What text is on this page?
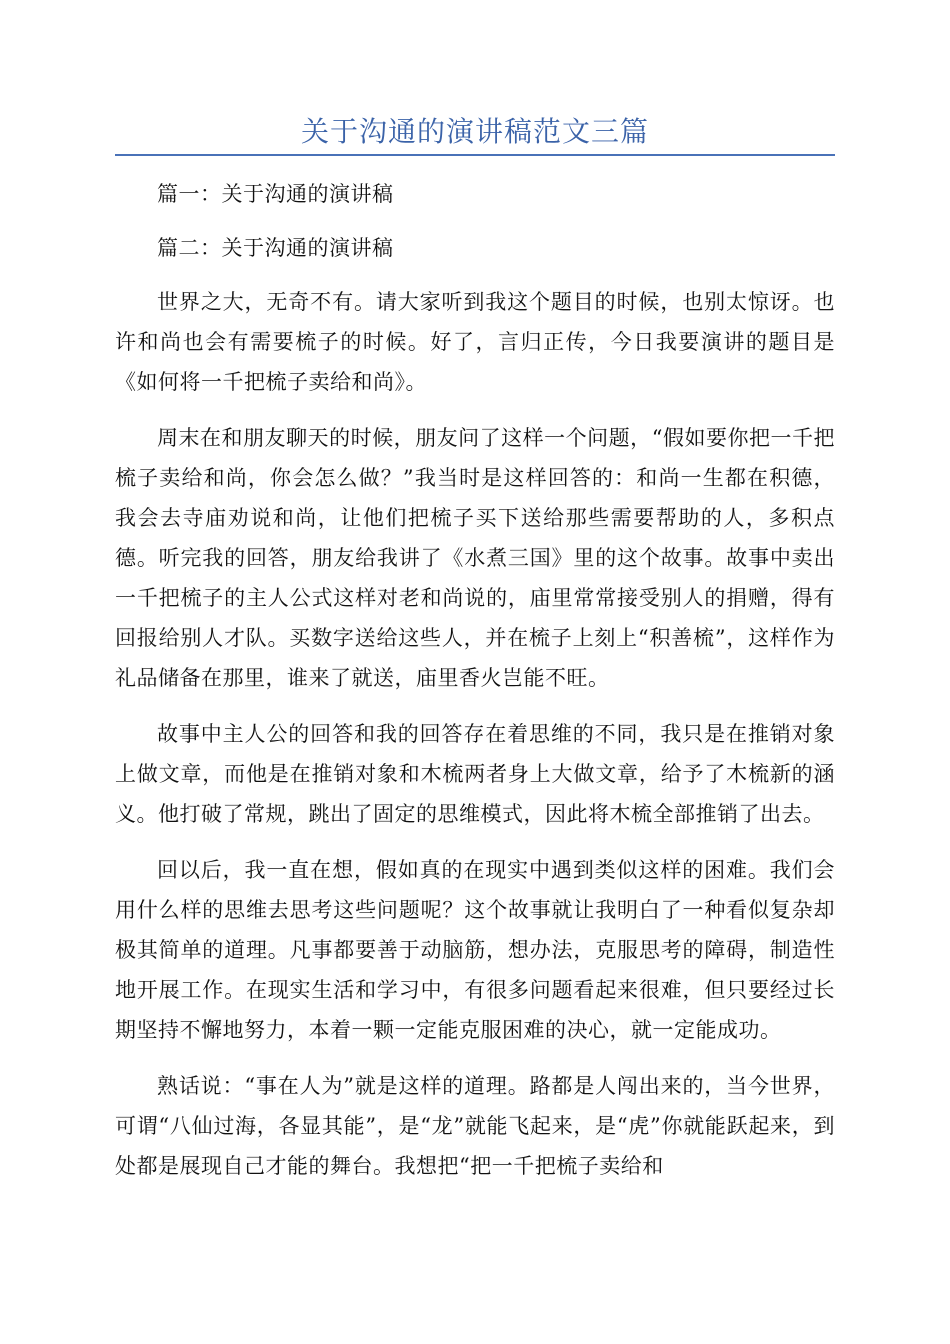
关于沟通的演讲稿范文三篇

篇一：关于沟通的演讲稿

篇二：关于沟通的演讲稿

世界之大，无奇不有。请大家听到我这个题目的时候，也别太惊讶。也许和尚也会有需要梳子的时候。好了，言归正传，今日我要演讲的题目是《如何将一千把梳子卖给和尚》。

周末在和朋友聊天的时候，朋友问了这样一个问题，“假如要你把一千把梳子卖给和尚，你会怎么做？”我当时是这样回答的：和尚一生都在积德，我会去寺庙劝说和尚，让他们把梳子买下送给那些需要帮助的人，多积点德。听完我的回答，朋友给我讲了《水煮三国》里的这个故事。故事中卖出一千把梳子的主人公式这样对老和尚说的，庙里常常接受别人的捐赠，得有回报给别人才队。买数字送给这些人，并在梳子上刻上“积善梳”，这样作为礼品储备在那里，谁来了就送，庙里香火岂能不旺。

故事中主人公的回答和我的回答存在着思维的不同，我只是在推销对象上做文章，而他是在推销对象和木梳两者身上大做文章，给予了木梳新的涵义。他打破了常规，跳出了固定的思维模式，因此将木梳全部推销了出去。

回以后，我一直在想，假如真的在现实中遇到类似这样的困难。我们会用什么样的思维去思考这些问题呢？这个故事就让我明白了一种看似复杂却极其简单的道理。凡事都要善于动脑筋，想办法，克服思考的障碍，制造性地开展工作。在现实生活和学习中，有很多问题看起来很难，但只要经过长期坚持不懈地努力，本着一颗一定能克服困难的决心，就一定能成功。

熟话说：“事在人为”就是这样的道理。路都是人闯出来的，当今世界，可谓“八仙过海，各显其能”，是“龙”就能飞起来，是“虎”你就能跃起来，到处都是展现自己才能的舞台。我想把“把一千把梳子卖给和
